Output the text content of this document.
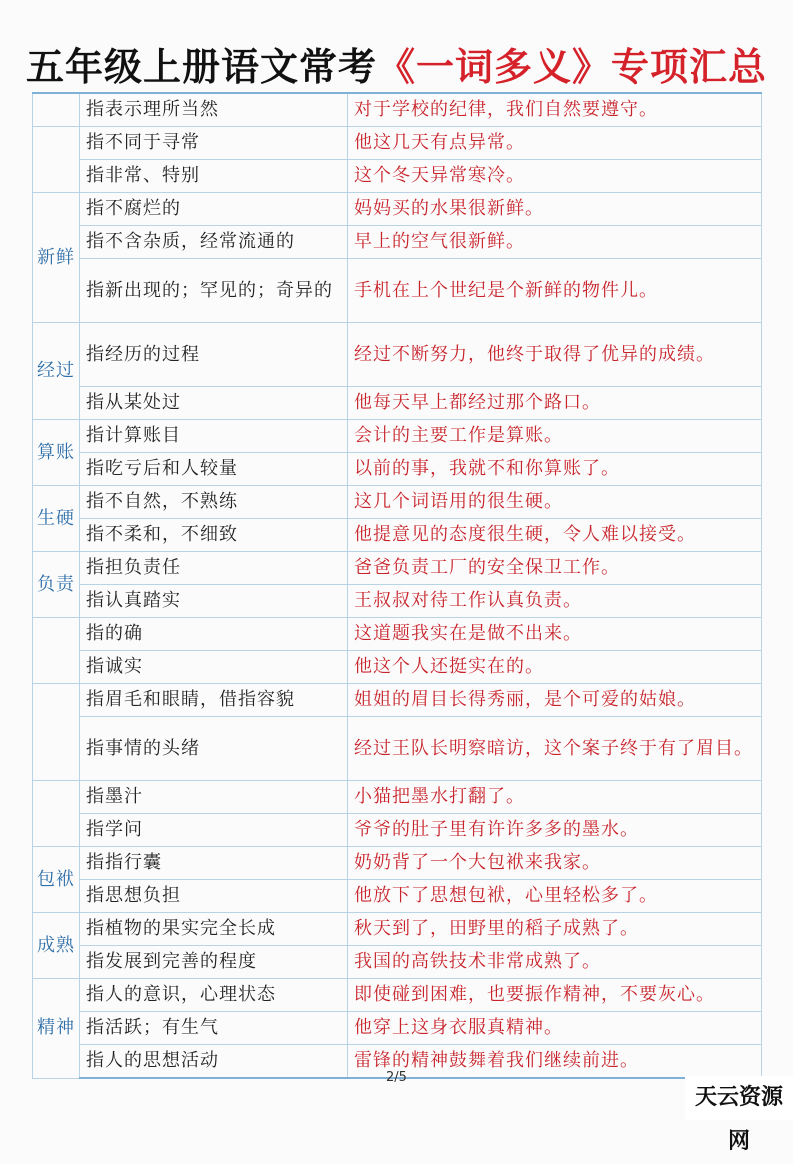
五年级上册语文常考《一词多义》专项汇总
	指表示理所当然	对于学校的纪律，我们自然要遵守。
	指不同于寻常	他这几天有点异常。
	指非常、特别	这个冬天异常寒冷。
新鲜	指不腐烂的	妈妈买的水果很新鲜。
	指不含杂质，经常流通的	早上的空气很新鲜。
	指新出现的；罕见的；奇异的	手机在上个世纪是个新鲜的物件儿。
经过	指经历的过程	经过不断努力，他终于取得了优异的成绩。
	指从某处过	他每天早上都经过那个路口。
算账	指计算账目	会计的主要工作是算账。
	指吃亏后和人较量	以前的事，我就不和你算账了。
生硬	指不自然，不熟练	这几个词语用的很生硬。
	指不柔和，不细致	他提意见的态度很生硬，令人难以接受。
负责	指担负责任	爸爸负责工厂的安全保卫工作。
	指认真踏实	王叔叔对待工作认真负责。
	指的确	这道题我实在是做不出来。
	指诚实	他这个人还挺实在的。
	指眉毛和眼睛，借指容貌	姐姐的眉目长得秀丽，是个可爱的姑娘。
	指事情的头绪	经过王队长明察暗访，这个案子终于有了眉目。
	指墨汁	小猫把墨水打翻了。
	指学问	爷爷的肚子里有许许多多的墨水。
包袱	指指行囊	奶奶背了一个大包袱来我家。
	指思想负担	他放下了思想包袱，心里轻松多了。
成熟	指植物的果实完全长成	秋天到了，田野里的稻子成熟了。
	指发展到完善的程度	我国的高铁技术非常成熟了。
精神	指人的意识，心理状态	即使碰到困难，也要振作精神，不要灰心。
	指活跃；有生气	他穿上这身衣服真精神。
	指人的思想活动	雷锋的精神鼓舞着我们继续前进。
2/5
天云资源网
